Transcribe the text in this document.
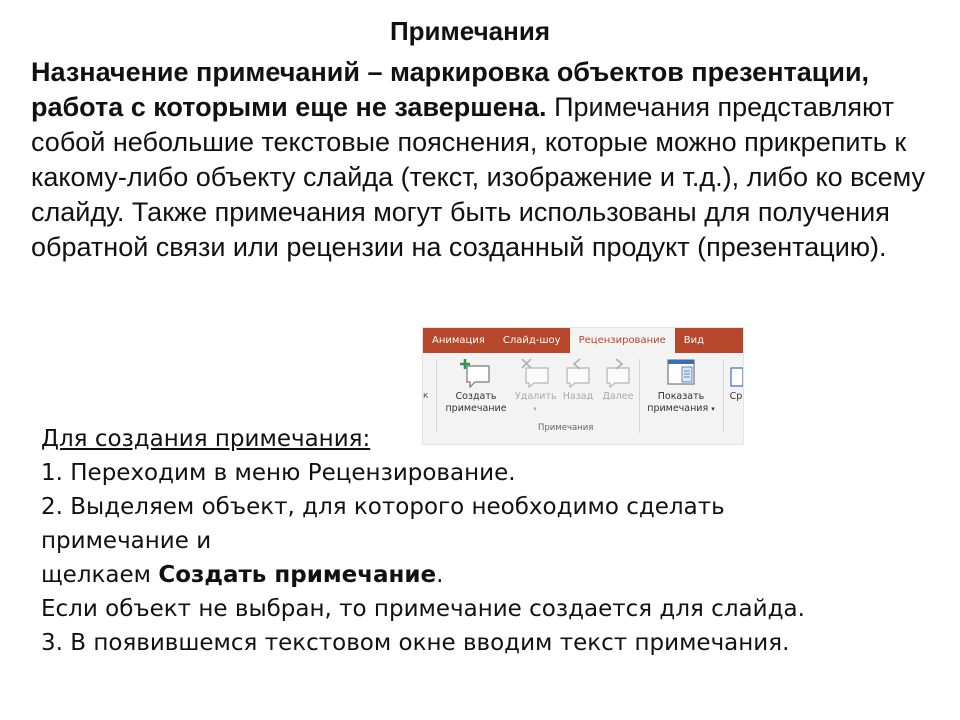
Примечания
Назначение примечаний – маркировка объектов презентации, работа с которыми еще не завершена. Примечания представляют собой небольшие текстовые пояснения, которые можно прикрепить к какому-либо объекту слайда (текст, изображение и т.д.), либо ко всему слайду. Также примечания могут быть использованы для получения обратной связи или рецензии на созданный продукт (презентацию).
Анимация	Слайд-шоу	Рецензирование	Вид
к	Создать
примечание
Удалить
▾
Назад Далее	Показать
примечания ▾
Ср
Примечания
Для создания примечания:
1. Переходим в меню Рецензирование.
2. Выделяем объект, для которого необходимо сделать
примечание и
щелкаем Создать примечание.
Если объект не выбран, то примечание создается для слайда.
3. В появившемся текстовом окне вводим текст примечания.
